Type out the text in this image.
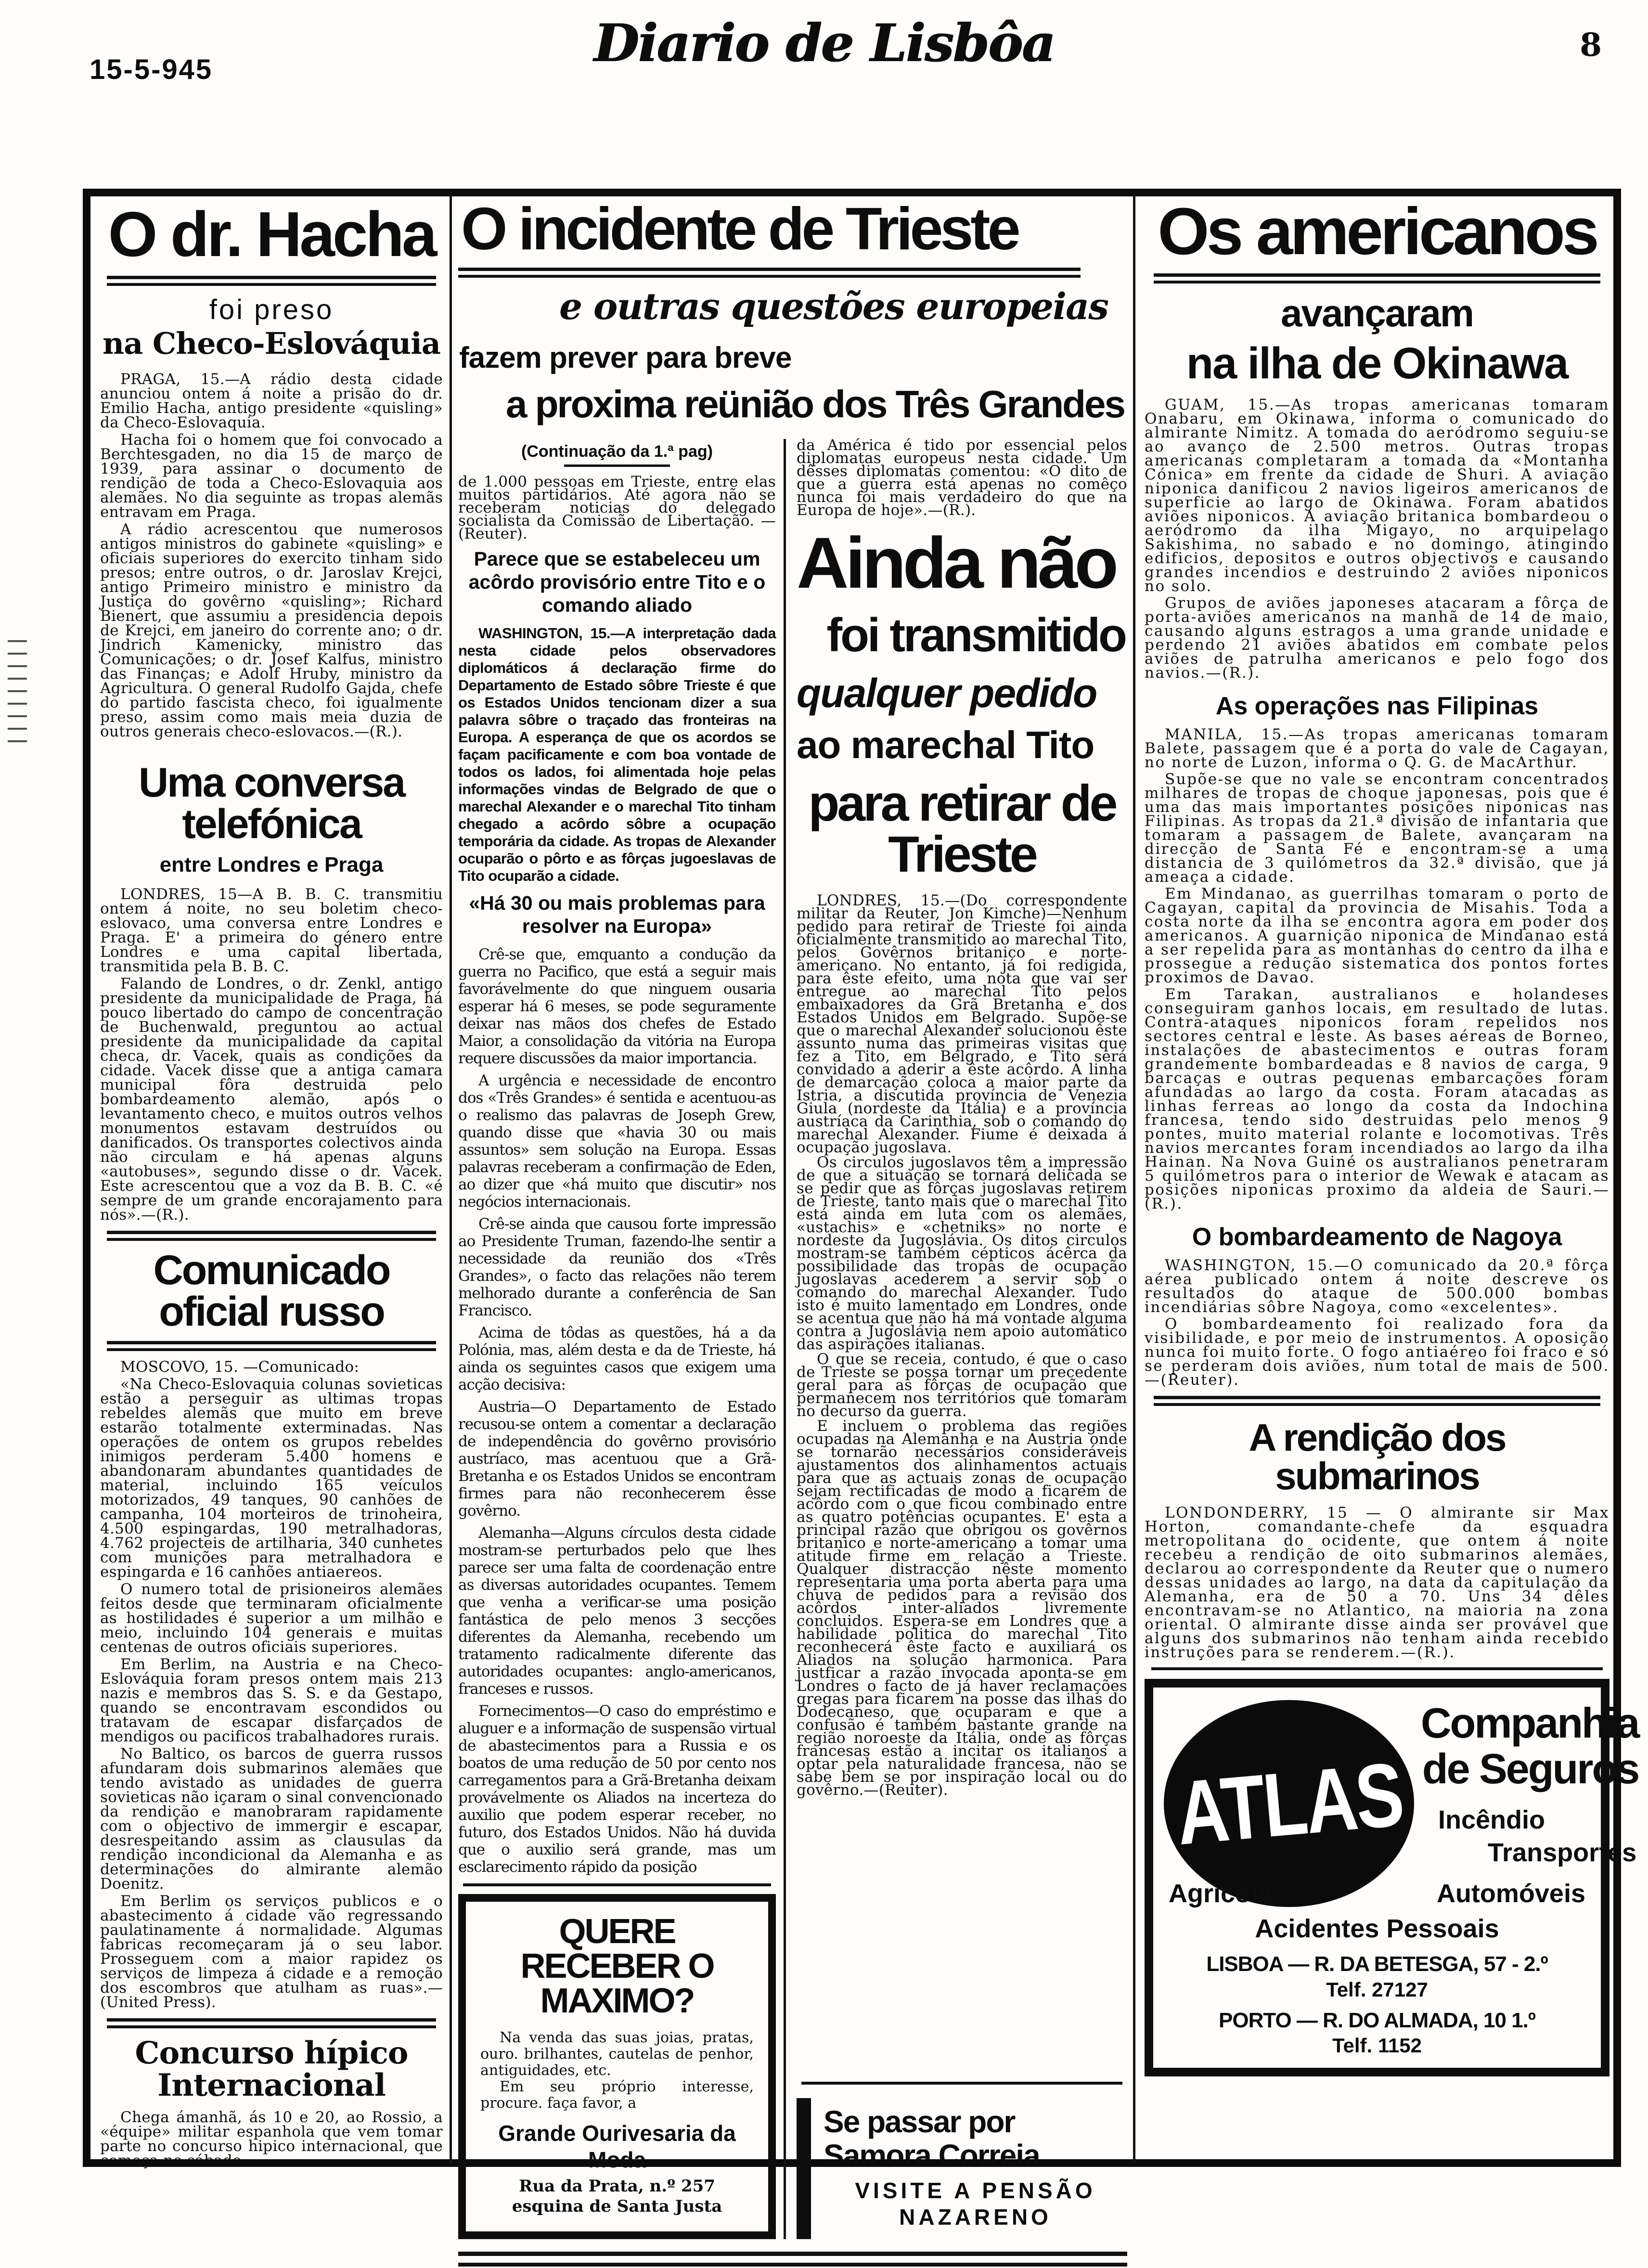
15-5-945	Diario de Lisbôa	8
O dr. Hacha
foi preso
na Checo-Eslováquia

PRAGA, 15.—A rádio desta cidade anunciou ontem á noite a prisão do dr. Emilio Hacha, antigo presidente «quisling» da Checo-Eslovaquia.

Hacha foi o homem que foi convocado a Berchtesgaden, no dia 15 de março de 1939, para assinar o documento de rendição de toda a Checo-Eslovaquia aos alemães. No dia seguinte as tropas alemãs entravam em Praga.

A rádio acrescentou que numerosos antigos ministros do gabinete «quisling» e oficiais superiores do exercito tinham sido presos; entre outros, o dr. Jaroslav Krejci, antigo Primeiro ministro e ministro da Justiça do govêrno «quisling»; Richard Bienert, que assumiu a presidencia depois de Krejci, em janeiro do corrente ano; o dr. Jindrich Kamenicky, ministro das Comunicações; o dr. Josef Kalfus, ministro das Finanças; e Adolf Hruby, ministro da Agricultura. O general Rudolfo Gajda, chefe do partido fascista checo, foi igualmente preso, assim como mais meia duzia de outros generais checo-eslovacos.—(R.).

Uma conversa telefónica
entre Londres e Praga

LONDRES, 15—A B. B. C. transmitiu ontem á noite, no seu boletim checo-eslovaco, uma conversa entre Londres e Praga. E' a primeira do género entre Londres e uma capital libertada, transmitida pela B. B. C.

Falando de Londres, o dr. Zenkl, antigo presidente da municipalidade de Praga, há pouco libertado do campo de concentração de Buchenwald, preguntou ao actual presidente da municipalidade da capital checa, dr. Vacek, quais as condições da cidade. Vacek disse que a antiga camara municipal fôra destruida pelo bombardeamento alemão, após o levantamento checo, e muitos outros velhos monumentos estavam destruídos ou danificados. Os transportes colectivos ainda não circulam e há apenas alguns «autobuses», segundo disse o dr. Vacek. Este acrescentou que a voz da B. B. C. «é sempre de um grande encorajamento para nós».—(R.).

Comunicado oficial russo

MOSCOVO, 15. —Comunicado:

«Na Checo-Eslovaquia colunas sovieticas estão a perseguir as ultimas tropas rebeldes alemãs que muito em breve estarão totalmente exterminadas. Nas operações de ontem os grupos rebeldes inimigos perderam 5.400 homens e abandonaram abundantes quantidades de material, incluindo 165 veículos motorizados, 49 tanques, 90 canhões de campanha, 104 morteiros de trinoheira, 4.500 espingardas, 190 metralhadoras, 4.762 projecteis de artilharia, 340 cunhetes com munições para metralhadora e espingarda e 16 canhões antiaereos.

O numero total de prisioneiros alemães feitos desde que terminaram oficialmente as hostilidades é superior a um milhão e meio, incluindo 104 generais e muitas centenas de outros oficiais superiores.

Em Berlim, na Austria e na Checo-Eslováquia foram presos ontem mais 213 nazis e membros das S. S. e da Gestapo, quando se encontravam escondidos ou tratavam de escapar disfarçados de mendigos ou pacificos trabalhadores rurais.

No Baltico, os barcos de guerra russos afundaram dois submarinos alemães que tendo avistado as unidades de guerra sovieticas não içaram o sinal convencionado da rendição e manobraram rapidamente com o objectivo de immergir e escapar, desrespeitando assim as clausulas da rendição incondicional da Alemanha e as determinações do almirante alemão Doenitz.

Em Berlim os serviços publicos e o abastecimento á cidade vão regressando paulatinamente á normalidade. Algumas fabricas recomeçaram já o seu labor. Prosseguem com a maior rapidez os serviços de limpeza á cidade e a remoção dos escombros que atulham as ruas».—(United Press).

Concurso hípico Internacional

Chega ámanhã, ás 10 e 20, ao Rossio, a «équipe» militar espanhola que vem tomar parte no concurso hipico internacional, que começa no sábado.

O incidente de Trieste
e outras questões europeias
fazem prever para breve
a proxima reünião dos Três Grandes
(Continuação da 1.ª pag)

de 1.000 pessoas em Trieste, entre elas muitos partidários. Até agora não se receberam noticias do delegado socialista da Comissão de Libertação. — (Reuter).

Parece que se estabeleceu um acôrdo provisório entre Tito e o comando aliado

WASHINGTON, 15.—A interpretação dada nesta cidade pelos observadores diplomáticos á declaração firme do Departamento de Estado sôbre Trieste é que os Estados Unidos tencionam dizer a sua palavra sôbre o traçado das fronteiras na Europa. A esperança de que os acordos se façam pacificamente e com boa vontade de todos os lados, foi alimentada hoje pelas informações vindas de Belgrado de que o marechal Alexander e o marechal Tito tinham chegado a acôrdo sôbre a ocupação temporária da cidade. As tropas de Alexander ocuparão o pôrto e as fôrças jugoeslavas de Tito ocuparão a cidade.

«Há 30 ou mais problemas para resolver na Europa»

Crê-se que, emquanto a condução da guerra no Pacifico, que está a seguir mais favorávelmente do que ninguem ousaria esperar há 6 meses, se pode seguramente deixar nas mãos dos chefes de Estado Maior, a consolidação da vitória na Europa requere discussões da maior importancia.

A urgência e necessidade de encontro dos «Três Grandes» é sentida e acentuou-as o realismo das palavras de Joseph Grew, quando disse que «havia 30 ou mais assuntos» sem solução na Europa. Essas palavras receberam a confirmação de Eden, ao dizer que «há muito que discutir» nos negócios internacionais.

Crê-se ainda que causou forte impressão ao Presidente Truman, fazendo-lhe sentir a necessidade da reunião dos «Três Grandes», o facto das relações não terem melhorado durante a conferência de San Francisco.

Acima de tôdas as questões, há a da Polónia, mas, além desta e da de Trieste, há ainda os seguintes casos que exigem uma acção decisiva:

Austria—O Departamento de Estado recusou-se ontem a comentar a declaração de independência do govêrno provisório austríaco, mas acentuou que a Grã-Bretanha e os Estados Unidos se encontram firmes para não reconhecerem êsse govêrno.

Alemanha—Alguns círculos desta cidade mostram-se perturbados pelo que lhes parece ser uma falta de coordenação entre as diversas autoridades ocupantes. Temem que venha a verificar-se uma posição fantástica de pelo menos 3 secções diferentes da Alemanha, recebendo um tratamento radicalmente diferente das autoridades ocupantes: anglo-americanos, franceses e russos.

Fornecimentos—O caso do empréstimo e aluguer e a informação de suspensão virtual de abastecimentos para a Russia e os boatos de uma redução de 50 por cento nos carregamentos para a Grã-Bretanha deixam provávelmente os Aliados na incerteza do auxilio que podem esperar receber, no futuro, dos Estados Unidos. Não há duvida que o auxilio será grande, mas um esclarecimento rápido da posição

QUERE RECEBER O MAXIMO?

Na venda das suas joias, pratas, ouro. brilhantes, cautelas de penhor, antiguidades, etc.

Em seu próprio interesse, procure. faça favor, a

Grande Ourivesaria da Moda
Rua da Prata, n.º 257 esquina de Santa Justa

da América é tido por essencial pelos diplomatas europeus nesta cidade. Um dêsses diplomatas comentou: «O dito de que a guerra está apenas no comêço nunca foi mais verdadeiro do que na Europa de hoje».—(R.).

Ainda não
foi transmitido
qualquer pedido
ao marechal Tito
para retirar de Trieste

LONDRES, 15.—(Do correspondente militar da Reuter, Jon Kimche)—Nenhum pedido para retirar de Trieste foi ainda oficialmente transmitido ao marechal Tito, pelos Govêrnos britanico e norte-americano. No entanto, já foi redigida, para êste efeito, uma nota que vai ser entregue ao marechal Tito pelos embaixadores da Grã Bretanha e dos Estados Unidos em Belgrado. Supõe-se que o marechal Alexander solucionou êste assunto numa das primeiras visitas que fez a Tito, em Belgrado, e Tito será convidado a aderir a êste acôrdo. A linha de demarcação coloca a maior parte da Istria, a discutida província de Venezia Giula (nordeste da Itália) e a província austríaca da Carinthia, sob o comando do marechal Alexander. Fiume é deixada á ocupação jugoslava.

Os circulos jugoslavos têm a impressão de que a situação se tornará delicada se se pedir que as fôrças jugoslavas retirem de Trieste, tanto mais que o marechal Tito está ainda em luta com os alemães, «ustachis» e «chetniks» no norte e nordeste da Jugoslávia. Os ditos circulos mostram-se também cépticos ácêrca da possibilidade das tropas de ocupação jugoslavas acederem a servir sob o comando do marechal Alexander. Tudo isto é muito lamentado em Londres, onde se acentua que não há má vontade alguma contra a Jugoslávia nem apoio automático das aspirações italianas.

O que se receia, contudo, é que o caso de Trieste se possa tornar um precedente geral para as fôrças de ocupação que permanecem nos territórios que tomaram no decurso da guerra.

E incluem o problema das regiões ocupadas na Alemanha e na Austria onde se tornarão necessários consideráveis ajustamentos dos alinhamentos actuais para que as actuais zonas de ocupação sejam rectificadas de modo a ficarem de acôrdo com o que ficou combinado entre as quatro potências ocupantes. E' esta a principal razão que obrigou os govêrnos britanico e norte-americano a tomar uma atitude firme em relação a Trieste. Qualquer distracção nêste momento representaria uma porta aberta para uma chuva de pedidos para a revisão dos acôrdos inter-aliados livremente concluidos. Espera-se em Londres que a habilidade politica do marechal Tito reconhecerá êste facto e auxiliará os Aliados na solução harmonica. Para justficar a razão invocada aponta-se em Londres o facto de já haver reclamações gregas para ficarem na posse das ilhas do Dodecaneso, que ocuparam e que a confusão é também bastante grande na região noroeste da Itália, onde as fôrças francesas estão a incitar os italianos a optar pela naturalidade francesa, não se sabe bem se por inspiração local ou do govêrno.—(Reuter).

Se passar por Samora Correia
VISITE A PENSÃO NAZARENO
Os americanos
avançaram
na ilha de Okinawa

GUAM, 15.—As tropas americanas tomaram Onabaru, em Okinawa, informa o comunicado do almirante Nimitz. A tomada do aeródromo seguiu-se ao avanço de 2.500 metros. Outras tropas americanas completaram a tomada da «Montanha Cónica» em frente da cidade de Shuri. A aviação niponica danificou 2 navios ligeiros americanos de superficie ao largo de Okinawa. Foram abatidos aviões niponicos. A aviação britanica bombardeou o aeródromo da ilha Migayo, no arquipelago Sakishima, no sabado e no domingo, atingindo edificios, depositos e outros objectivos e causando grandes incendios e destruindo 2 aviões niponicos no solo.

Grupos de aviões japoneses atacaram a fôrça de porta-aviões americanos na manhã de 14 de maio, causando alguns estragos a uma grande unidade e perdendo 21 aviões abatidos em combate pelos aviões de patrulha americanos e pelo fogo dos navios.—(R.).

As operações nas Filipinas

MANILA, 15.—As tropas americanas tomaram Balete, passagem que é a porta do vale de Cagayan, no norte de Luzon, informa o Q. G. de MacArthur.

Supõe-se que no vale se encontram concentrados milhares de tropas de choque japonesas, pois que é uma das mais importantes posições niponicas nas Filipinas. As tropas da 21.ª divisão de infantaria que tomaram a passagem de Balete, avançaram na direcção de Santa Fé e encontram-se a uma distancia de 3 quilómetros da 32.ª divisão, que já ameaça a cidade.

Em Mindanao, as guerrilhas tomaram o porto de Cagayan, capital da provincia de Misahis. Toda a costa norte da ilha se encontra agora em poder dos americanos. A guarnição niponica de Mindanao está a ser repelida para as montanhas do centro da ilha e prossegue a redução sistematica dos pontos fortes proximos de Davao.

Em Tarakan, australianos e holandeses conseguiram ganhos locais, em resultado de lutas. Contra-ataques niponicos foram repelidos nos sectores central e leste. As bases aéreas de Borneo, instalações de abastecimentos e outras foram grandemente bombardeadas e 8 navios de carga, 9 barcaças e outras pequenas embarcações foram afundadas ao largo da costa. Foram atacadas as linhas ferreas ao longo da costa da Indochina francesa, tendo sido destruidas pelo menos 9 pontes, muito material rolante e locomotivas. Três navios mercantes foram incendiados ao largo da ilha Hainan. Na Nova Guiné os australianos penetraram 5 quilómetros para o interior de Wewak e atacam as posições niponicas proximo da aldeia de Sauri.—(R.).

O bombardeamento de Nagoya

WASHINGTON, 15.—O comunicado da 20.ª fôrça aérea publicado ontem á noite descreve os resultados do ataque de 500.000 bombas incendiárias sôbre Nagoya, como «excelentes».

O bombardeamento foi realizado fora da visibilidade, e por meio de instrumentos. A oposição nunca foi muito forte. O fogo antiaéreo foi fraco e só se perderam dois aviões, num total de mais de 500.—(Reuter).

A rendição dos submarinos

LONDONDERRY, 15 — O almirante sir Max Horton, comandante-chefe da esquadra metropolitana do ocidente, que ontem á noite recebeu a rendição de oito submarinos alemães, declarou ao correspondente da Reuter que o numero dessas unidades ao largo, na data da capitulação da Alemanha, era de 50 a 70. Uns 34 dêles encontravam-se no Atlantico, na maioria na zona oriental. O almirante disse ainda ser provável que alguns dos submarinos não tenham ainda recebido instruções para se renderem.—(R.).

ATLAS
Companhia
de Seguros
Incêndio
Transportes
Agrícola	Automóveis
Acidentes Pessoais
LISBOA — R. DA BETESGA, 57 - 2.º
Telf. 27127
PORTO — R. DO ALMADA, 10 1.º
Telf. 1152
